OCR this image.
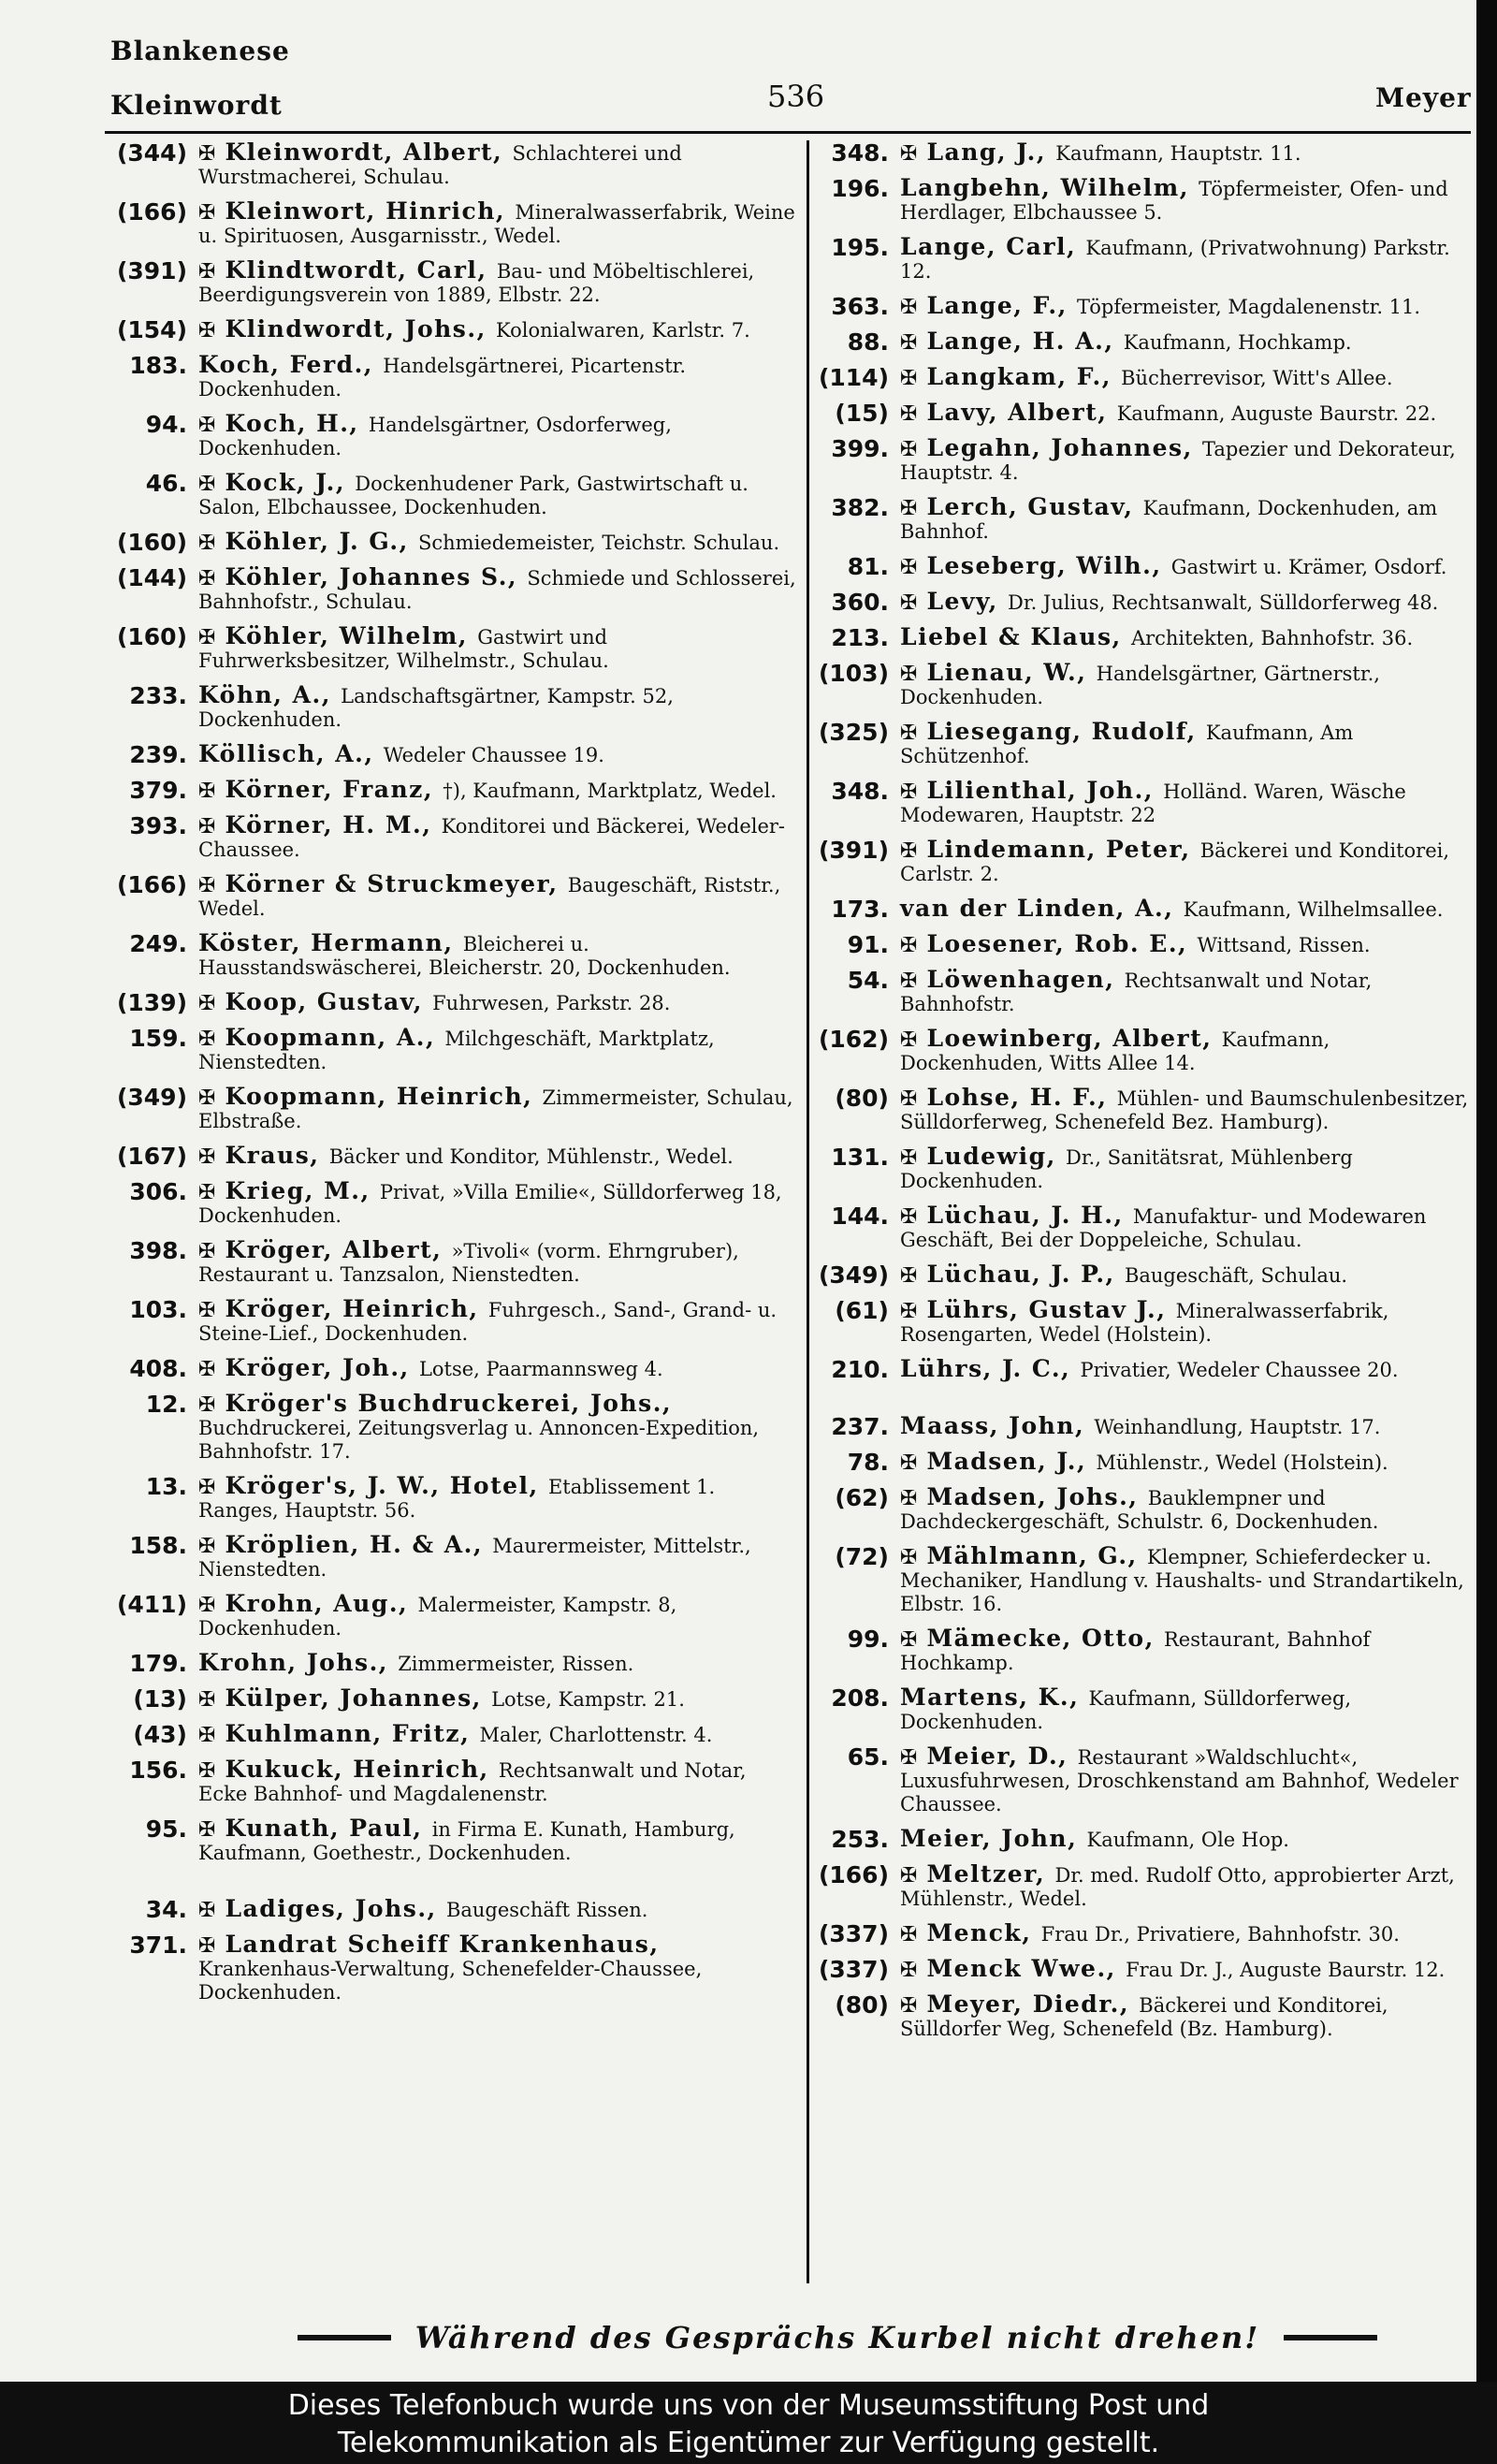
Blankenese
Kleinwordt	536	Meyer
(344) ✠ Kleinwordt, Albert, Schlachterei und Wurstmacherei, Schulau.
(166) ✠ Kleinwort, Hinrich, Mineralwasserfabrik, Weine u. Spirituosen, Ausgarnisstr., Wedel.
(391) ✠ Klindtwordt, Carl, Bau- und Möbeltischlerei, Beerdigungsverein von 1889, Elbstr. 22.
(154) ✠ Klindwordt, Johs., Kolonialwaren, Karlstr. 7.
183. Koch, Ferd., Handelsgärtnerei, Picartenstr. Dockenhuden.
94. ✠ Koch, H., Handelsgärtner, Osdorferweg, Dockenhuden.
46. ✠ Kock, J., Dockenhudener Park, Gastwirtschaft u. Salon, Elbchaussee, Dockenhuden.
(160) ✠ Köhler, J. G., Schmiedemeister, Teichstr. Schulau.
(144) ✠ Köhler, Johannes S., Schmiede und Schlosserei, Bahnhofstr., Schulau.
(160) ✠ Köhler, Wilhelm, Gastwirt und Fuhrwerksbesitzer, Wilhelmstr., Schulau.
233. Köhn, A., Landschaftsgärtner, Kampstr. 52, Dockenhuden.
239. Köllisch, A., Wedeler Chaussee 19.
379. ✠ Körner, Franz, †), Kaufmann, Marktplatz, Wedel.
393. ✠ Körner, H. M., Konditorei und Bäckerei, Wedeler-Chaussee.
(166) ✠ Körner & Struckmeyer, Baugeschäft, Riststr., Wedel.
249. Köster, Hermann, Bleicherei u. Hausstandswäscherei, Bleicherstr. 20, Dockenhuden.
(139) ✠ Koop, Gustav, Fuhrwesen, Parkstr. 28.
159. ✠ Koopmann, A., Milchgeschäft, Marktplatz, Nienstedten.
(349) ✠ Koopmann, Heinrich, Zimmermeister, Schulau, Elbstraße.
(167) ✠ Kraus, Bäcker und Konditor, Mühlenstr., Wedel.
306. ✠ Krieg, M., Privat, »Villa Emilie«, Sülldorferweg 18, Dockenhuden.
398. ✠ Kröger, Albert, »Tivoli« (vorm. Ehrngruber), Restaurant u. Tanzsalon, Nienstedten.
103. ✠ Kröger, Heinrich, Fuhrgesch., Sand-, Grand- u. Steine-Lief., Dockenhuden.
408. ✠ Kröger, Joh., Lotse, Paarmannsweg 4.
12. ✠ Kröger's Buchdruckerei, Johs., Buchdruckerei, Zeitungsverlag u. Annoncen-Expedition, Bahnhofstr. 17.
13. ✠ Kröger's, J. W., Hotel, Etablissement 1. Ranges, Hauptstr. 56.
158. ✠ Kröplien, H. & A., Maurermeister, Mittelstr., Nienstedten.
(411) ✠ Krohn, Aug., Malermeister, Kampstr. 8, Dockenhuden.
179. Krohn, Johs., Zimmermeister, Rissen.
(13) ✠ Külper, Johannes, Lotse, Kampstr. 21.
(43) ✠ Kuhlmann, Fritz, Maler, Charlottenstr. 4.
156. ✠ Kukuck, Heinrich, Rechtsanwalt und Notar, Ecke Bahnhof- und Magdalenenstr.
95. ✠ Kunath, Paul, in Firma E. Kunath, Hamburg, Kaufmann, Goethestr., Dockenhuden.
34. ✠ Ladiges, Johs., Baugeschäft Rissen.
371. ✠ Landrat Scheiff Krankenhaus, Krankenhaus-Verwaltung, Schenefelder-Chaussee, Dockenhuden.
348. ✠ Lang, J., Kaufmann, Hauptstr. 11.
196. Langbehn, Wilhelm, Töpfermeister, Ofen- und Herdlager, Elbchaussee 5.
195. Lange, Carl, Kaufmann, (Privatwohnung) Parkstr. 12.
363. ✠ Lange, F., Töpfermeister, Magdalenenstr. 11.
88. ✠ Lange, H. A., Kaufmann, Hochkamp.
(114) ✠ Langkam, F., Bücherrevisor, Witt's Allee.
(15) ✠ Lavy, Albert, Kaufmann, Auguste Baurstr. 22.
399. ✠ Legahn, Johannes, Tapezier und Dekorateur, Hauptstr. 4.
382. ✠ Lerch, Gustav, Kaufmann, Dockenhuden, am Bahnhof.
81. ✠ Leseberg, Wilh., Gastwirt u. Krämer, Osdorf.
360. ✠ Levy, Dr. Julius, Rechtsanwalt, Sülldorferweg 48.
213. Liebel & Klaus, Architekten, Bahnhofstr. 36.
(103) ✠ Lienau, W., Handelsgärtner, Gärtnerstr., Dockenhuden.
(325) ✠ Liesegang, Rudolf, Kaufmann, Am Schützenhof.
348. ✠ Lilienthal, Joh., Holländ. Waren, Wäsche Modewaren, Hauptstr. 22
(391) ✠ Lindemann, Peter, Bäckerei und Konditorei, Carlstr. 2.
173. van der Linden, A., Kaufmann, Wilhelmsallee.
91. ✠ Loesener, Rob. E., Wittsand, Rissen.
54. ✠ Löwenhagen, Rechtsanwalt und Notar, Bahnhofstr.
(162) ✠ Loewinberg, Albert, Kaufmann, Dockenhuden, Witts Allee 14.
(80) ✠ Lohse, H. F., Mühlen- und Baumschulenbesitzer, Sülldorferweg, Schenefeld Bez. Hamburg).
131. ✠ Ludewig, Dr., Sanitätsrat, Mühlenberg Dockenhuden.
144. ✠ Lüchau, J. H., Manufaktur- und Modewaren Geschäft, Bei der Doppeleiche, Schulau.
(349) ✠ Lüchau, J. P., Baugeschäft, Schulau.
(61) ✠ Lührs, Gustav J., Mineralwasserfabrik, Rosengarten, Wedel (Holstein).
210. Lührs, J. C., Privatier, Wedeler Chaussee 20.
237. Maass, John, Weinhandlung, Hauptstr. 17.
78. ✠ Madsen, J., Mühlenstr., Wedel (Holstein).
(62) ✠ Madsen, Johs., Bauklempner und Dachdeckergeschäft, Schulstr. 6, Dockenhuden.
(72) ✠ Mählmann, G., Klempner, Schieferdecker u. Mechaniker, Handlung v. Haushalts- und Strandartikeln, Elbstr. 16.
99. ✠ Mämecke, Otto, Restaurant, Bahnhof Hochkamp.
208. Martens, K., Kaufmann, Sülldorferweg, Dockenhuden.
65. ✠ Meier, D., Restaurant »Waldschlucht«, Luxusfuhrwesen, Droschkenstand am Bahnhof, Wedeler Chaussee.
253. Meier, John, Kaufmann, Ole Hop.
(166) ✠ Meltzer, Dr. med. Rudolf Otto, approbierter Arzt, Mühlenstr., Wedel.
(337) ✠ Menck, Frau Dr., Privatiere, Bahnhofstr. 30.
(337) ✠ Menck Wwe., Frau Dr. J., Auguste Baurstr. 12.
(80) ✠ Meyer, Diedr., Bäckerei und Konditorei, Sülldorfer Weg, Schenefeld (Bz. Hamburg).
Während des Gesprächs Kurbel nicht drehen!
Dieses Telefonbuch wurde uns von der Museumsstiftung Post und
Telekommunikation als Eigentümer zur Verfügung gestellt.
